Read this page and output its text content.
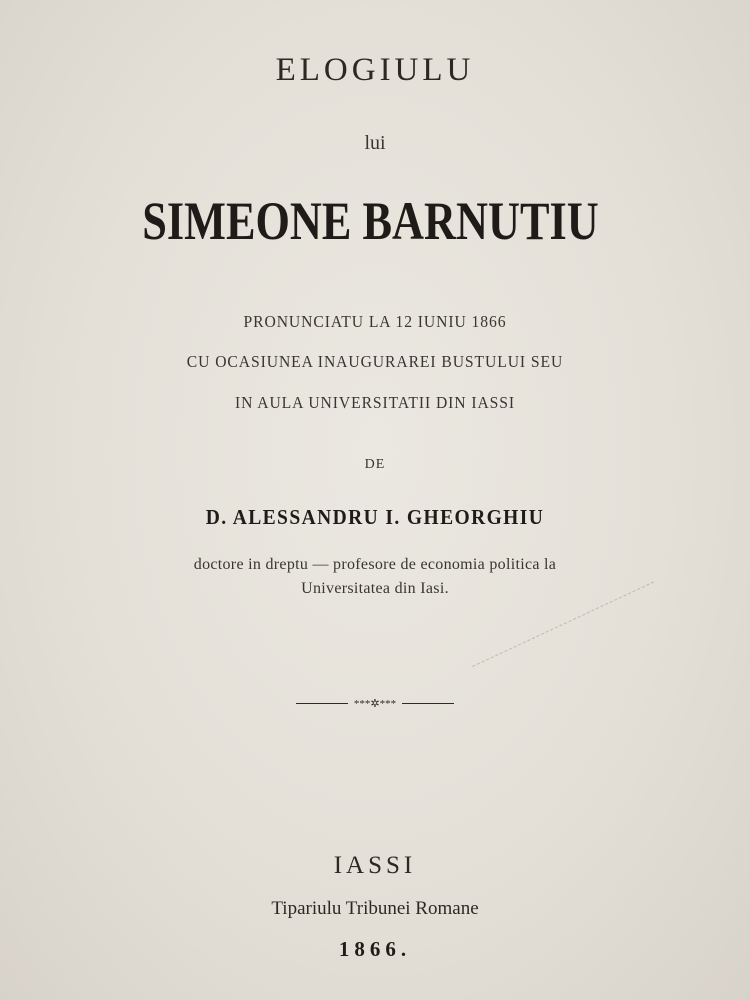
ELOGIULU
lui
SIMEONE BARNUTIU
PRONUNCIATU LA 12 IUNIU 1866
CU OCASIUNEA INAUGURAREI BUSTULUI SEU
IN AULA UNIVERSITATII DIN IASSI
DE
D. ALESSANDRU I. GHEORGHIU
doctore in dreptu — profesore de economia politica la
Universitatea din Iasi.
***✲***
IASSI
Tipariulu Tribunei Romane
1866.
